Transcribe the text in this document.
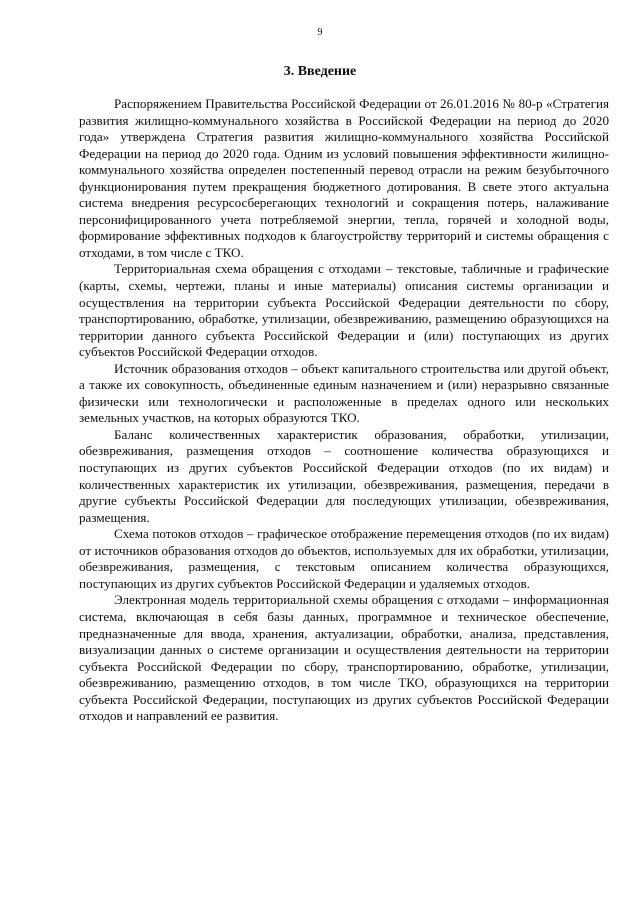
9
3. Введение

Распоряжением Правительства Российской Федерации от 26.01.2016 № 80-р «Стратегия развития жилищно-коммунального хозяйства в Российской Федерации на период до 2020 года» утверждена Стратегия развития жилищно-коммунального хозяйства Российской Федерации на период до 2020 года. Одним из условий повышения эффективности жилищно-коммунального хозяйства определен постепенный перевод отрасли на режим безубыточного функционирования путем прекращения бюджетного дотирования. В свете этого актуальна система внедрения ресурсосберегающих технологий и сокращения потерь, налаживание персонифицированного учета потребляемой энергии, тепла, горячей и холодной воды, формирование эффективных подходов к благоустройству территорий и системы обращения с отходами, в том числе с ТКО.

Территориальная схема обращения с отходами – текстовые, табличные и графические (карты, схемы, чертежи, планы и иные материалы) описания системы организации и осуществления на территории субъекта Российской Федерации деятельности по сбору, транспортированию, обработке, утилизации, обезвреживанию, размещению образующихся на территории данного субъекта Российской Федерации и (или) поступающих из других субъектов Российской Федерации отходов.

Источник образования отходов – объект капитального строительства или другой объект, а также их совокупность, объединенные единым назначением и (или) неразрывно связанные физически или технологически и расположенные в пределах одного или нескольких земельных участков, на которых образуются ТКО.

Баланс количественных характеристик образования, обработки, утилизации, обезвреживания, размещения отходов – соотношение количества образующихся и поступающих из других субъектов Российской Федерации отходов (по их видам) и количественных характеристик их утилизации, обезвреживания, размещения, передачи в другие субъекты Российской Федерации для последующих утилизации, обезвреживания, размещения.

Схема потоков отходов – графическое отображение перемещения отходов (по их видам) от источников образования отходов до объектов, используемых для их обработки, утилизации, обезвреживания, размещения, с текстовым описанием количества образующихся, поступающих из других субъектов Российской Федерации и удаляемых отходов.

Электронная модель территориальной схемы обращения с отходами – информационная система, включающая в себя базы данных, программное и техническое обеспечение, предназначенные для ввода, хранения, актуализации, обработки, анализа, представления, визуализации данных о системе организации и осуществления деятельности на территории субъекта Российской Федерации по сбору, транспортированию, обработке, утилизации, обезвреживанию, размещению отходов, в том числе ТКО, образующихся на территории субъекта Российской Федерации, поступающих из других субъектов Российской Федерации отходов и направлений ее развития.
